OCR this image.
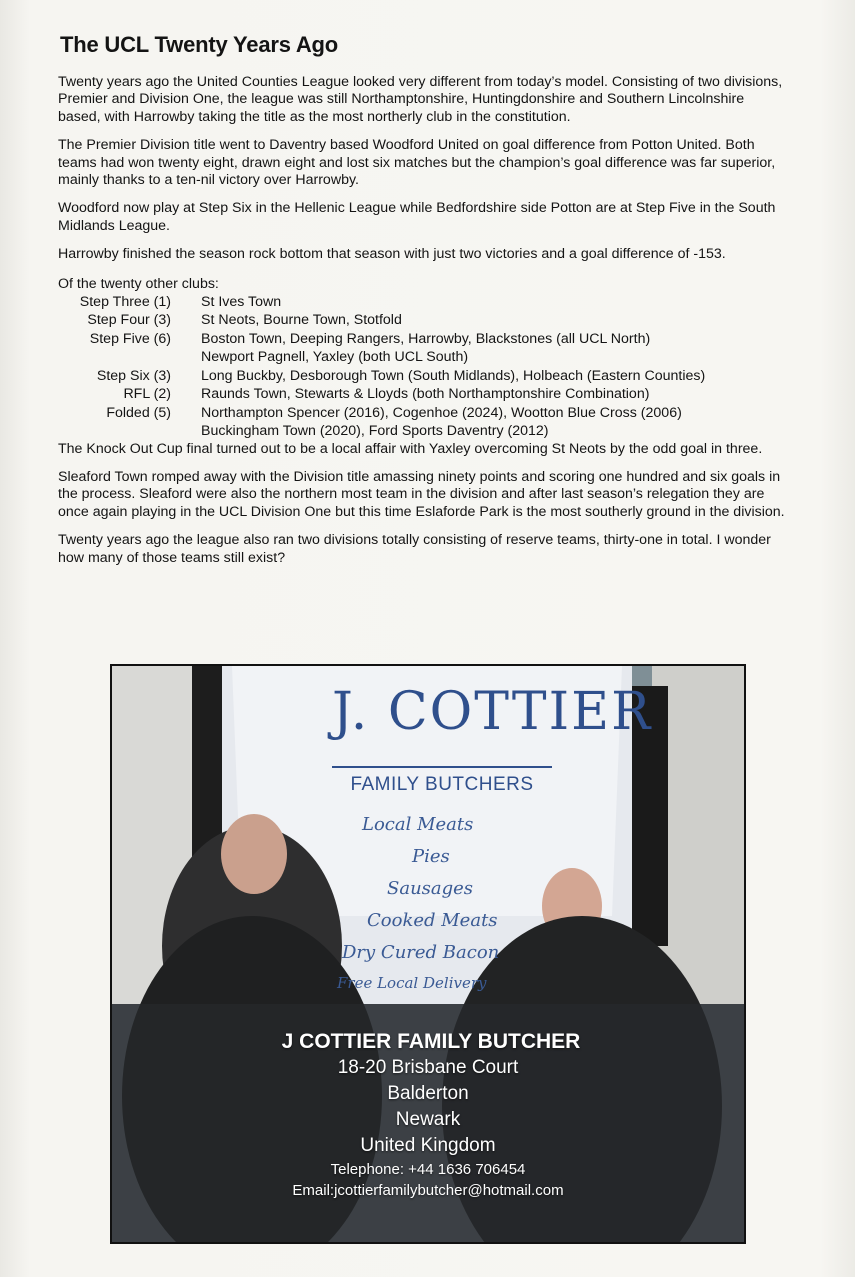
The UCL Twenty Years Ago

Twenty years ago the United Counties League looked very different from today’s model. Consisting of two divisions, Premier and Division One, the league was still Northamptonshire, Huntingdonshire and Southern Lincolnshire based, with Harrowby taking the title as the most northerly club in the constitution.

The Premier Division title went to Daventry based Woodford United on goal difference from Potton United. Both teams had won twenty eight, drawn eight and lost six matches but the champion’s goal difference was far superior, mainly thanks to a ten-nil victory over Harrowby.

Woodford now play at Step Six in the Hellenic League while Bedfordshire side Potton are at Step Five in the South Midlands League.

Harrowby finished the season rock bottom that season with just two victories and a goal difference of -153.

Of the twenty other clubs:
Step Three (1)	St Ives Town

Step Four (3)	St Neots, Bourne Town, Stotfold

Step Five (6)	Boston Town, Deeping Rangers, Harrowby, Blackstones (all UCL North)
Newport Pagnell, Yaxley (both UCL South)

Step Six (3)	Long Buckby, Desborough Town (South Midlands), Holbeach (Eastern Counties)

RFL (2)	Raunds Town, Stewarts & Lloyds (both Northamptonshire Combination)

Folded (5)	Northampton Spencer (2016), Cogenhoe (2024), Wootton Blue Cross (2006)
Buckingham Town (2020), Ford Sports Daventry (2012)

The Knock Out Cup final turned out to be a local affair with Yaxley overcoming St Neots by the odd goal in three.

Sleaford Town romped away with the Division title amassing ninety points and scoring one hundred and six goals in the process. Sleaford were also the northern most team in the division and after last season’s relegation they are once again playing in the UCL Division One but this time Eslaforde Park is the most southerly ground in the division.

Twenty years ago the league also ran two divisions totally consisting of reserve teams, thirty-one in total. I wonder how many of those teams still exist?

J. COTTIER
FAMILY BUTCHERS
Local Meats
Pies
Sausages
Cooked Meats
Dry Cured Bacon
Free Local Delivery
J COTTIER FAMILY BUTCHER
18-20 Brisbane Court
Balderton
Newark
United Kingdom
Telephone: +44 1636 706454
Email:jcottierfamilybutcher@hotmail.com
